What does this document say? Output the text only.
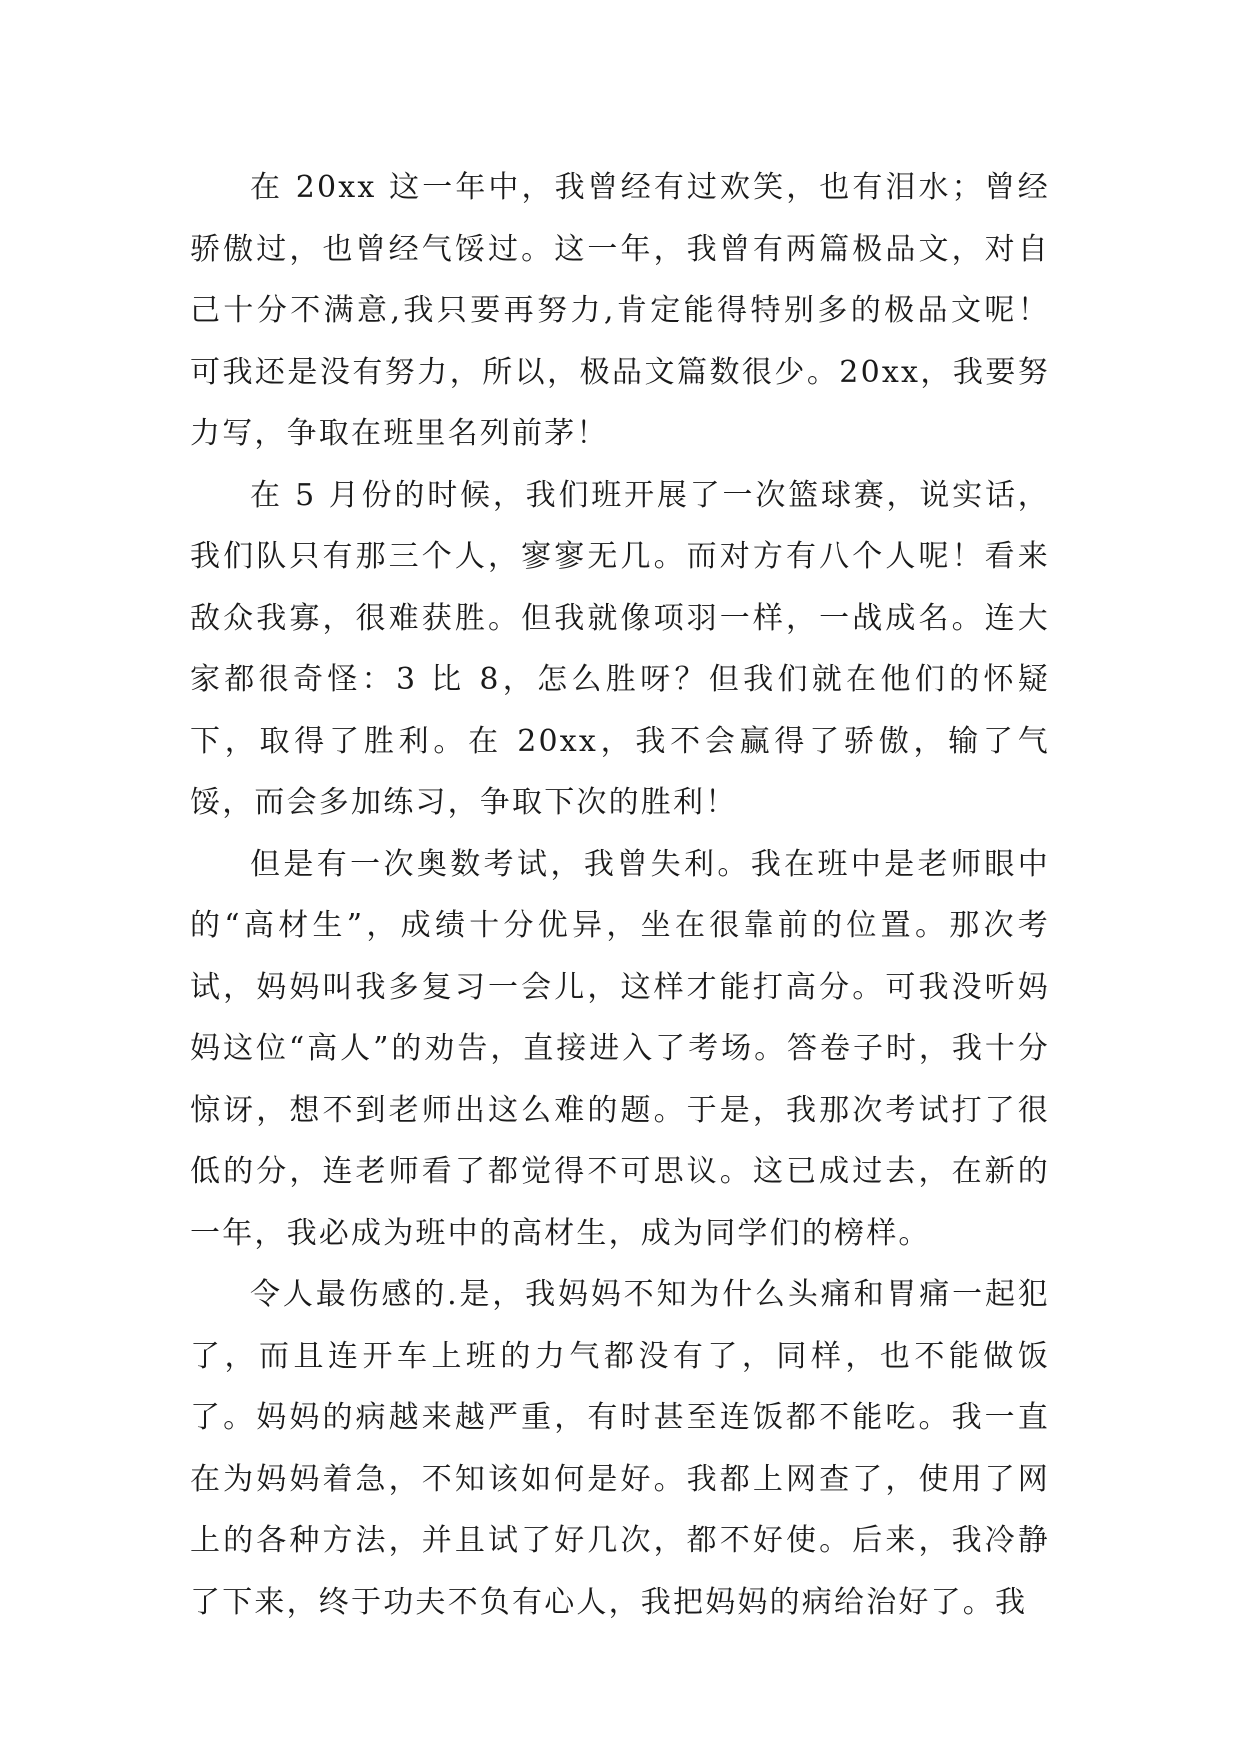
在 20xx 这一年中，我曾经有过欢笑，也有泪水；曾经骄傲过，也曾经气馁过。这一年，我曾有两篇极品文，对自己十分不满意,我只要再努力,肯定能得特别多的极品文呢！可我还是没有努力，所以，极品文篇数很少。20xx，我要努力写，争取在班里名列前茅！

在 5 月份的时候，我们班开展了一次篮球赛，说实话，我们队只有那三个人，寥寥无几。而对方有八个人呢！看来敌众我寡，很难获胜。但我就像项羽一样，一战成名。连大家都很奇怪：3 比 8，怎么胜呀？但我们就在他们的怀疑下，取得了胜利。在 20xx，我不会赢得了骄傲，输了气馁，而会多加练习，争取下次的胜利！

但是有一次奥数考试，我曾失利。我在班中是老师眼中的“高材生”，成绩十分优异，坐在很靠前的位置。那次考试，妈妈叫我多复习一会儿，这样才能打高分。可我没听妈妈这位“高人”的劝告，直接进入了考场。答卷子时，我十分惊讶，想不到老师出这么难的题。于是，我那次考试打了很低的分，连老师看了都觉得不可思议。这已成过去，在新的一年，我必成为班中的高材生，成为同学们的榜样。

令人最伤感的.是，我妈妈不知为什么头痛和胃痛一起犯了，而且连开车上班的力气都没有了，同样，也不能做饭了。妈妈的病越来越严重，有时甚至连饭都不能吃。我一直在为妈妈着急，不知该如何是好。我都上网查了，使用了网上的各种方法，并且试了好几次，都不好使。后来，我冷静了下来，终于功夫不负有心人，我把妈妈的病给治好了。我
